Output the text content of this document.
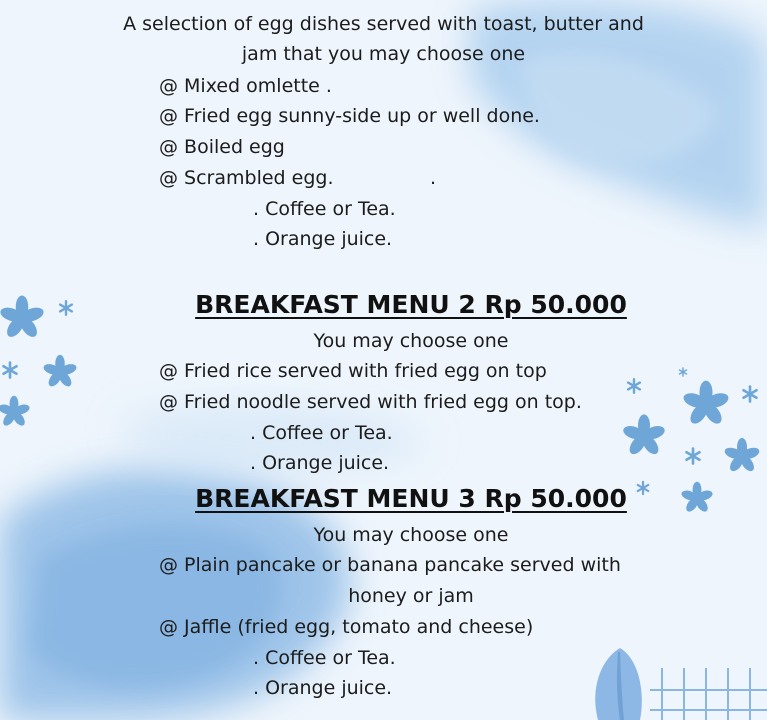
A selection of egg dishes served with toast, butter and
jam that you may choose one
@ Mixed omlette .
@ Fried egg sunny-side up or well done.
@ Boiled egg
@ Scrambled egg.	.
. Coffee or Tea.
. Orange juice.
BREAKFAST MENU 2 Rp 50.000
You may choose one
@ Fried rice served with fried egg on top
@ Fried noodle served with fried egg on top.
. Coffee or Tea.
. Orange juice.
BREAKFAST MENU 3 Rp 50.000
You may choose one
@ Plain pancake or banana pancake served with
honey or jam
@ Jaffle (fried egg, tomato and cheese)
. Coffee or Tea.
. Orange juice.
